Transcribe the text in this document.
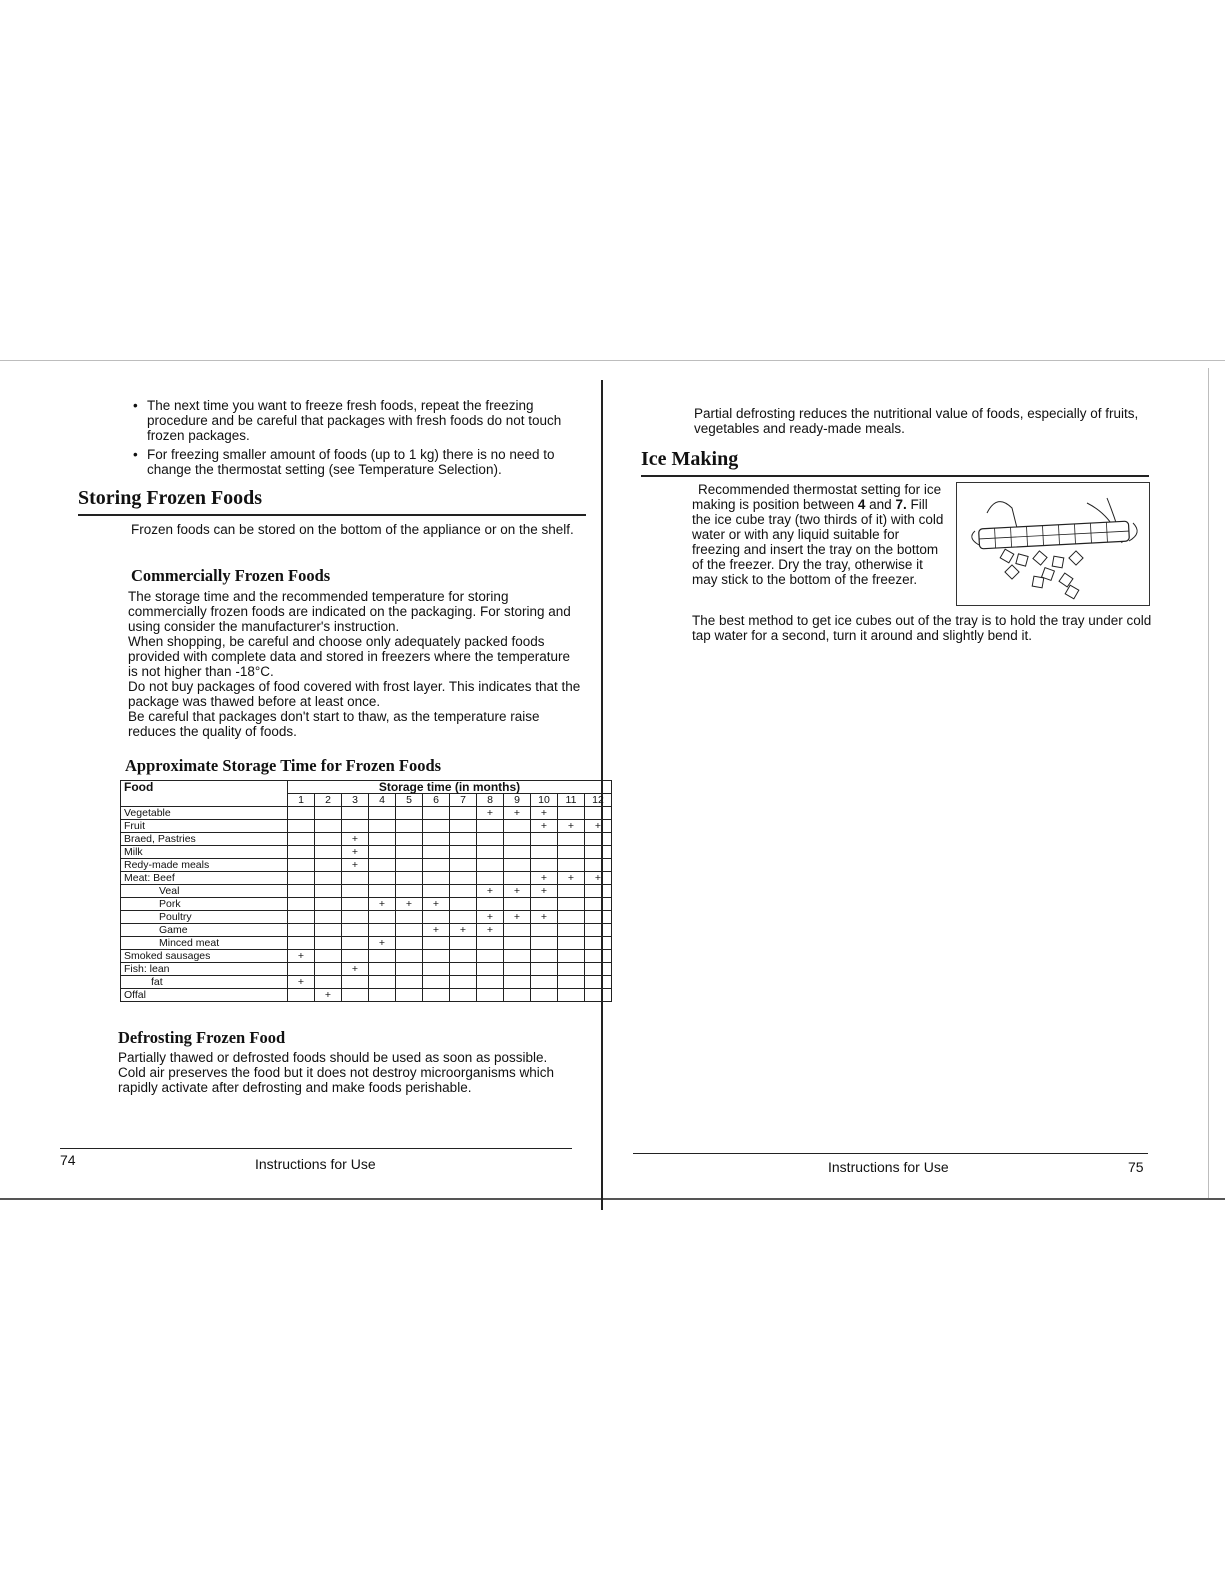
• The next time you want to freeze fresh foods, repeat the freezing procedure and be careful that packages with fresh foods do not touch frozen packages.
• For freezing smaller amount of foods (up to 1 kg) there is no need to change the thermostat setting (see Temperature Selection).
Storing Frozen Foods

Frozen foods can be stored on the bottom of the appliance or on the shelf.

Commercially Frozen Foods

The storage time and the recommended temperature for storing commercially frozen foods are indicated on the packaging. For storing and using consider the manufacturer's instruction.

When shopping, be careful and choose only adequately packed foods provided with complete data and stored in freezers where the temperature is not higher than -18°C.

Do not buy packages of food covered with frost layer. This indicates that the package was thawed before at least once.

Be careful that packages don't start to thaw, as the temperature raise reduces the quality of foods.

Approximate Storage Time for Frozen Foods
Food	Storage time (in months)											
	1	2	3	4	5	6	7	8	9	10	11	12
Vegetable								+	+	+		
Fruit										+	+	+
Braed, Pastries			+									
Milk			+									
Redy-made meals			+									
Meat: Beef										+	+	+
Veal								+	+	+		
Pork				+	+	+						
Poultry								+	+	+		
Game						+	+	+				
Minced meat				+								
Smoked sausages	+											
Fish: lean			+									
fat	+											
Offal		+										
Defrosting Frozen Food

Partially thawed or defrosted foods should be used as soon as possible. Cold air preserves the food but it does not destroy microorganisms which rapidly activate after defrosting and make foods perishable.

74	Instructions for Use

Partial defrosting reduces the nutritional value of foods, especially of fruits, vegetables and ready-made meals.

Ice Making
Recommended thermostat setting for ice making is position between 4 and 7. Fill the ice cube tray (two thirds of it) with cold water or with any liquid suitable for freezing and insert the tray on the bottom of the freezer. Dry the tray, otherwise it may stick to the bottom of the freezer.

The best method to get ice cubes out of the tray is to hold the tray under cold tap water for a second, turn it around and slightly bend it.

Instructions for Use	75
